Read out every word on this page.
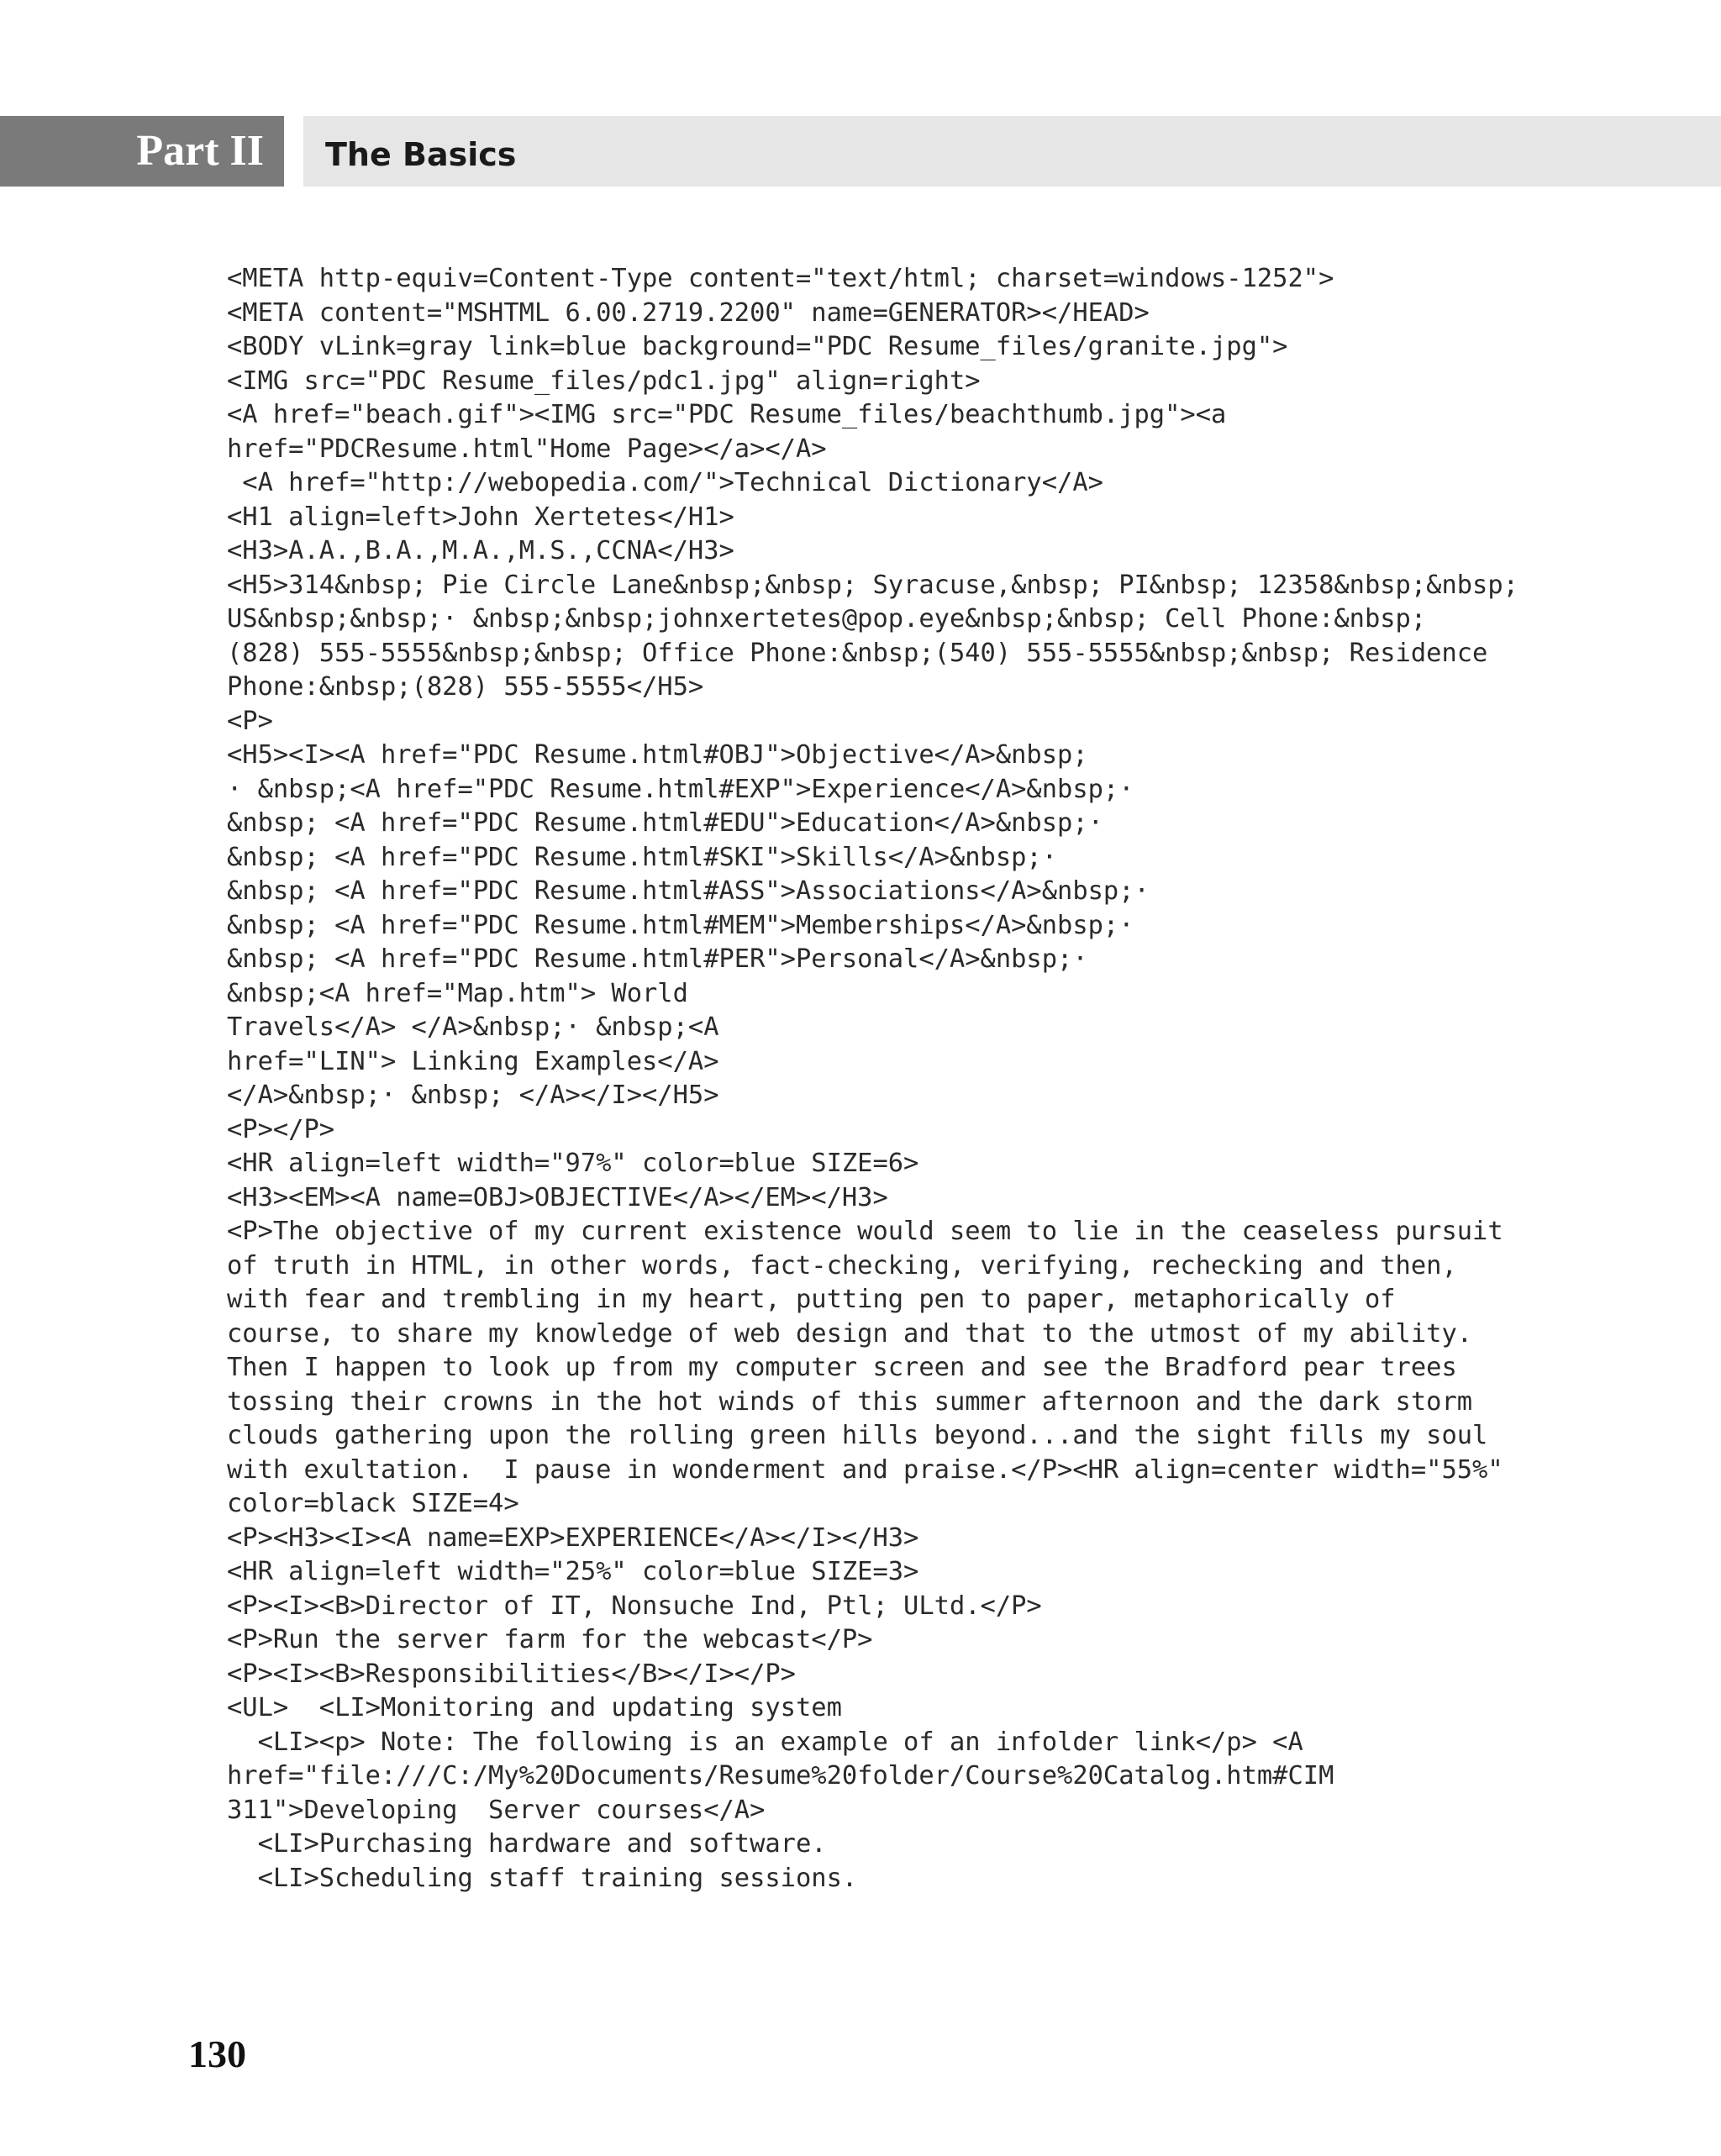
Part II	The Basics
<META http-equiv=Content-Type content="text/html; charset=windows-1252">
<META content="MSHTML 6.00.2719.2200" name=GENERATOR></HEAD>
<BODY vLink=gray link=blue background="PDC Resume_files/granite.jpg">
<IMG src="PDC Resume_files/pdc1.jpg" align=right>
<A href="beach.gif"><IMG src="PDC Resume_files/beachthumb.jpg"><a
href="PDCResume.html"Home Page></a></A>
<A href="http://webopedia.com/">Technical Dictionary</A>
<H1 align=left>John Xertetes</H1>
<H3>A.A.,B.A.,M.A.,M.S.,CCNA</H3>
<H5>314&nbsp; Pie Circle Lane&nbsp;&nbsp; Syracuse,&nbsp; PI&nbsp; 12358&nbsp;&nbsp;
US&nbsp;&nbsp;· &nbsp;&nbsp;johnxertetes@pop.eye&nbsp;&nbsp; Cell Phone:&nbsp;
(828) 555-5555&nbsp;&nbsp; Office Phone:&nbsp;(540) 555-5555&nbsp;&nbsp; Residence
Phone:&nbsp;(828) 555-5555</H5>
<P>
<H5><I><A href="PDC Resume.html#OBJ">Objective</A>&nbsp;
· &nbsp;<A href="PDC Resume.html#EXP">Experience</A>&nbsp;·
&nbsp; <A href="PDC Resume.html#EDU">Education</A>&nbsp;·
&nbsp; <A href="PDC Resume.html#SKI">Skills</A>&nbsp;·
&nbsp; <A href="PDC Resume.html#ASS">Associations</A>&nbsp;·
&nbsp; <A href="PDC Resume.html#MEM">Memberships</A>&nbsp;·
&nbsp; <A href="PDC Resume.html#PER">Personal</A>&nbsp;·
&nbsp;<A href="Map.htm"> World
Travels</A> </A>&nbsp;· &nbsp;<A
href="LIN"> Linking Examples</A>
</A>&nbsp;· &nbsp; </A></I></H5>
<P></P>
<HR align=left width="97%" color=blue SIZE=6>
<H3><EM><A name=OBJ>OBJECTIVE</A></EM></H3>
<P>The objective of my current existence would seem to lie in the ceaseless pursuit
of truth in HTML, in other words, fact-checking, verifying, rechecking and then,
with fear and trembling in my heart, putting pen to paper, metaphorically of
course, to share my knowledge of web design and that to the utmost of my ability.
Then I happen to look up from my computer screen and see the Bradford pear trees
tossing their crowns in the hot winds of this summer afternoon and the dark storm
clouds gathering upon the rolling green hills beyond...and the sight fills my soul
with exultation.  I pause in wonderment and praise.</P><HR align=center width="55%"
color=black SIZE=4>
<P><H3><I><A name=EXP>EXPERIENCE</A></I></H3>
<HR align=left width="25%" color=blue SIZE=3>
<P><I><B>Director of IT, Nonsuche Ind, Ptl; ULtd.</P>
<P>Run the server farm for the webcast</P>
<P><I><B>Responsibilities</B></I></P>
<UL>  <LI>Monitoring and updating system
<LI><p> Note: The following is an example of an infolder link</p> <A
href="file:///C:/My%20Documents/Resume%20folder/Course%20Catalog.htm#CIM
311">Developing  Server courses</A>
<LI>Purchasing hardware and software.
<LI>Scheduling staff training sessions.
130
